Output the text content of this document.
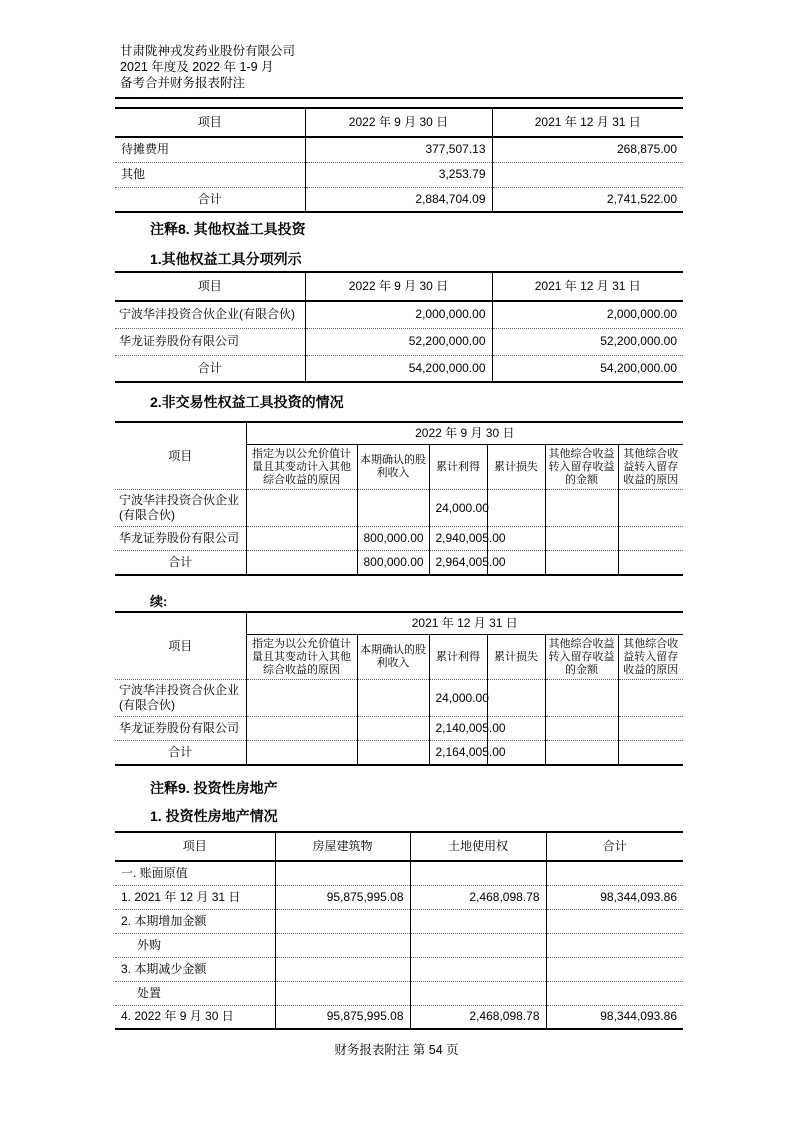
甘肃陇神戎发药业股份有限公司
2021 年度及 2022 年 1-9 月
备考合并财务报表附注
项目	2022 年 9 月 30 日	2021 年 12 月 31 日
待摊费用	377,507.13	268,875.00
其他	3,253.79	
合计	2,884,704.09	2,741,522.00
注释8. 其他权益工具投资
1.其他权益工具分项列示
项目	2022 年 9 月 30 日	2021 年 12 月 31 日
宁波华沣投资合伙企业(有限合伙)	2,000,000.00	2,000,000.00
华龙证券股份有限公司	52,200,000.00	52,200,000.00
合计	54,200,000.00	54,200,000.00
2.非交易性权益工具投资的情况
项目	2022 年 9 月 30 日					
	指定为以公允价值计量且其变动计入其他综合收益的原因	本期确认的股利收入	累计利得	累计损失	其他综合收益转入留存收益的金额	其他综合收益转入留存收益的原因
宁波华沣投资合伙企业(有限合伙)			24,000.00			
华龙证券股份有限公司		800,000.00	2,940,005.00			
合计		800,000.00	2,964,005.00			
续:
项目	2021 年 12 月 31 日					
	指定为以公允价值计量且其变动计入其他综合收益的原因	本期确认的股利收入	累计利得	累计损失	其他综合收益转入留存收益的金额	其他综合收益转入留存收益的原因
宁波华沣投资合伙企业(有限合伙)			24,000.00			
华龙证券股份有限公司			2,140,005.00			
合计			2,164,005.00			
注释9. 投资性房地产
1. 投资性房地产情况
项目	房屋建筑物	土地使用权	合计
一. 账面原值			
1. 2021 年 12 月 31 日	95,875,995.08	2,468,098.78	98,344,093.86
2. 本期增加金额			
外购			
3. 本期减少金额			
处置			
4. 2022 年 9 月 30 日	95,875,995.08	2,468,098.78	98,344,093.86
财务报表附注 第 54 页
